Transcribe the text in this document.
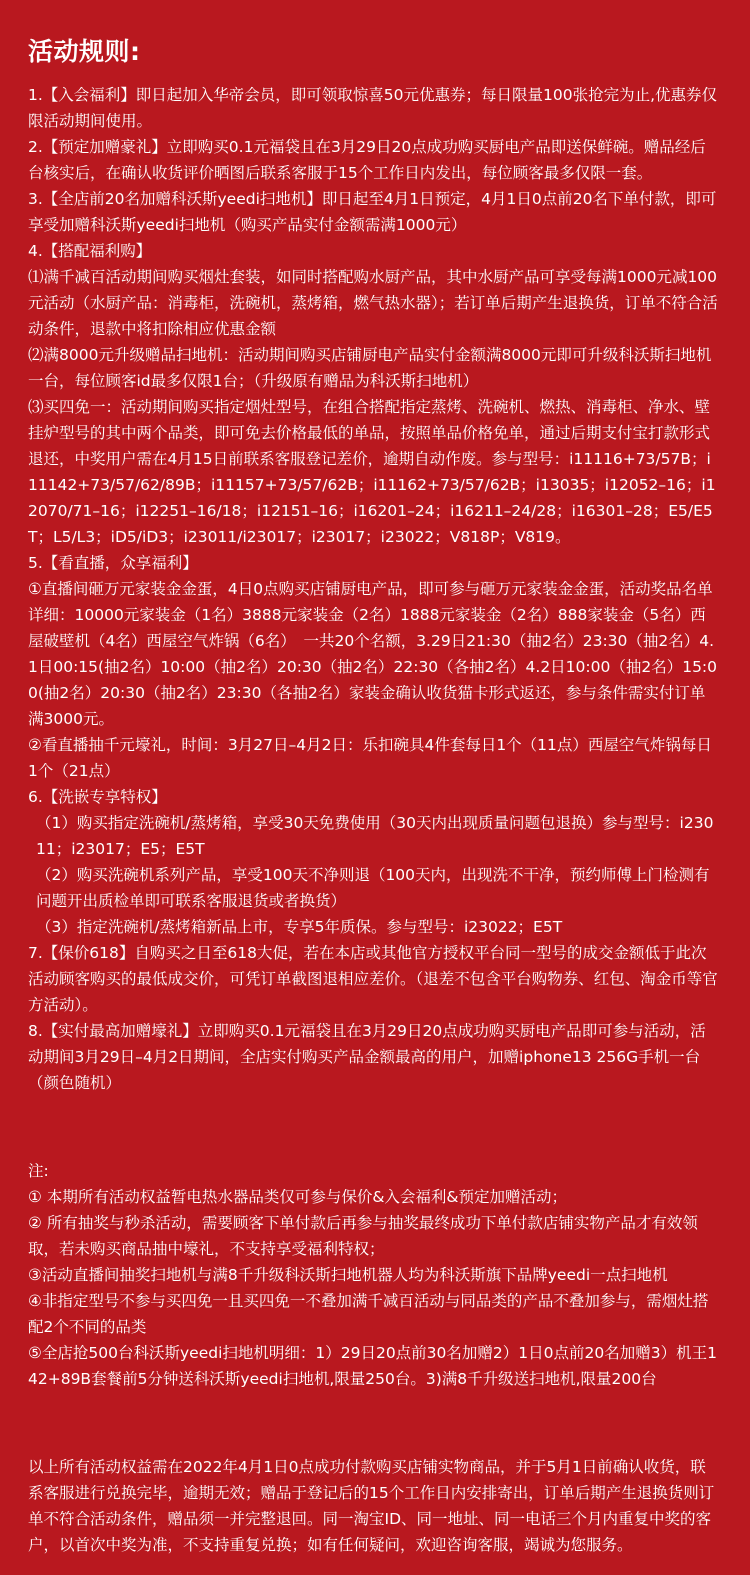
活动规则:

1.【入会福利】即日起加入华帝会员，即可领取惊喜50元优惠券；每日限量100张抢完为止,优惠券仅限活动期间使用。

2.【预定加赠豪礼】立即购买0.1元福袋且在3月29日20点成功购买厨电产品即送保鲜碗。赠品经后台核实后，在确认收货评价晒图后联系客服于15个工作日内发出，每位顾客最多仅限一套。

3.【全店前20名加赠科沃斯yeedi扫地机】即日起至4月1日预定，4月1日0点前20名下单付款，即可享受加赠科沃斯yeedi扫地机（购买产品实付金额需满1000元）

4.【搭配福利购】

⑴满千减百活动期间购买烟灶套装，如同时搭配购水厨产品，其中水厨产品可享受每满1000元减100元活动（水厨产品：消毒柜，洗碗机，蒸烤箱，燃气热水器）；若订单后期产生退换货，订单不符合活动条件，退款中将扣除相应优惠金额

⑵满8000元升级赠品扫地机：活动期间购买店铺厨电产品实付金额满8000元即可升级科沃斯扫地机一台，每位顾客id最多仅限1台；（升级原有赠品为科沃斯扫地机）

⑶买四免一：活动期间购买指定烟灶型号，在组合搭配指定蒸烤、洗碗机、燃热、消毒柜、净水、壁挂炉型号的其中两个品类，即可免去价格最低的单品，按照单品价格免单，通过后期支付宝打款形式退还，中奖用户需在4月15日前联系客服登记差价，逾期自动作废。参与型号：i11116+73/57B；i11142+73/57/62/89B；i11157+73/57/62B；i11162+73/57/62B；i13035；i12052–16；i12070/71–16；i12251–16/18；i12151–16；i16201–24；i16211–24/28；i16301–28；E5/E5T；L5/L3；iD5/iD3；i23011/i23017；i23017；i23022；V818P；V819。

5.【看直播，众享福利】

①直播间砸万元家装金金蛋，4日0点购买店铺厨电产品，即可参与砸万元家装金金蛋，活动奖品名单详细：10000元家装金（1名）3888元家装金（2名）1888元家装金（2名）888家装金（5名）西屋破壁机（4名）西屋空气炸锅（6名）　一共20个名额，3.29日21:30（抽2名）23:30（抽2名）4.1日00:15(抽2名）10:00（抽2名）20:30（抽2名）22:30（各抽2名）4.2日10:00（抽2名）15:00(抽2名）20:30（抽2名）23:30（各抽2名）家装金确认收货猫卡形式返还，参与条件需实付订单满3000元。

②看直播抽千元壕礼，时间：3月27日–4月2日：乐扣碗具4件套每日1个（11点）西屋空气炸锅每日1个（21点）

6.【洗嵌专享特权】

（1）购买指定洗碗机/蒸烤箱，享受30天免费使用（30天内出现质量问题包退换）参与型号：i23011；i23017；E5；E5T

（2）购买洗碗机系列产品，享受100天不净则退（100天内，出现洗不干净，预约师傅上门检测有问题开出质检单即可联系客服退货或者换货）

（3）指定洗碗机/蒸烤箱新品上市，专享5年质保。参与型号：i23022；E5T

7.【保价618】自购买之日至618大促，若在本店或其他官方授权平台同一型号的成交金额低于此次活动顾客购买的最低成交价，可凭订单截图退相应差价。（退差不包含平台购物券、红包、淘金币等官方活动）。

8.【实付最高加赠壕礼】立即购买0.1元福袋且在3月29日20点成功购买厨电产品即可参与活动，活动期间3月29日–4月2日期间，全店实付购买产品金额最高的用户，加赠iphone13 256G手机一台（颜色随机）

注:

① 本期所有活动权益暂电热水器品类仅可参与保价&入会福利&预定加赠活动；

② 所有抽奖与秒杀活动，需要顾客下单付款后再参与抽奖最终成功下单付款店铺实物产品才有效领取，若未购买商品抽中壕礼，不支持享受福利特权；

③活动直播间抽奖扫地机与满8千升级科沃斯扫地机器人均为科沃斯旗下品牌yeedi一点扫地机

④非指定型号不参与买四免一且买四免一不叠加满千减百活动与同品类的产品不叠加参与，需烟灶搭配2个不同的品类

⑤全店抢500台科沃斯yeedi扫地机明细：1）29日20点前30名加赠2）1日0点前20名加赠3）机王142+89B套餐前5分钟送科沃斯yeedi扫地机,限量250台。3)满8千升级送扫地机,限量200台

以上所有活动权益需在2022年4月1日0点成功付款购买店铺实物商品，并于5月1日前确认收货，联系客服进行兑换完毕，逾期无效；赠品于登记后的15个工作日内安排寄出，订单后期产生退换货则订单不符合活动条件，赠品须一并完整退回。同一淘宝ID、同一地址、同一电话三个月内重复中奖的客户，以首次中奖为准，不支持重复兑换；如有任何疑问，欢迎咨询客服，竭诚为您服务。
